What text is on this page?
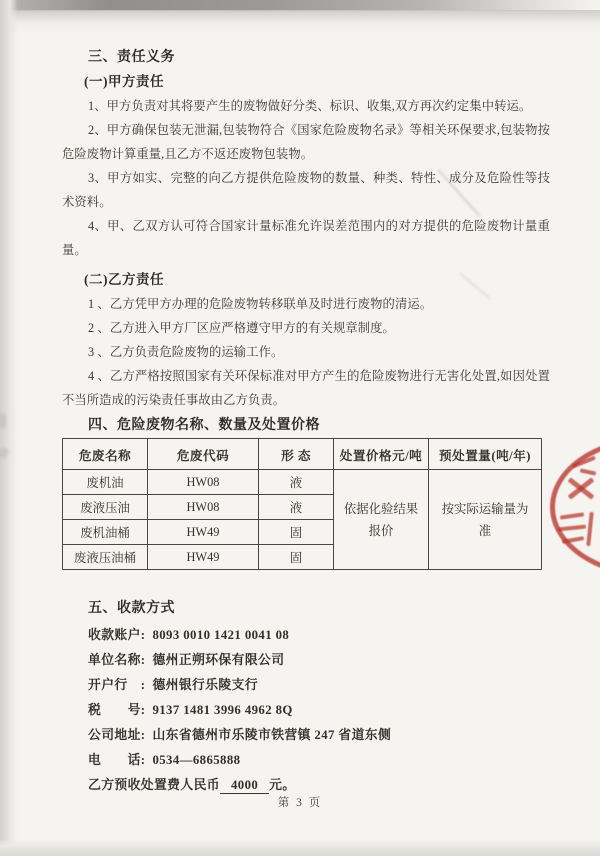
三、责任义务
(一)甲方责任

1、甲方负责对其将要产生的废物做好分类、标识、收集,双方再次约定集中转运。

2、甲方确保包装无泄漏,包装物符合《国家危险废物名录》等相关环保要求,包装物按危险废物计算重量,且乙方不返还废物包装物。

3、甲方如实、完整的向乙方提供危险废物的数量、种类、特性、成分及危险性等技术资料。

4、甲、乙双方认可符合国家计量标准允许误差范围内的对方提供的危险废物计量重量。

(二)乙方责任

1 、乙方凭甲方办理的危险废物转移联单及时进行废物的清运。

2 、乙方进入甲方厂区应严格遵守甲方的有关规章制度。

3 、乙方负责危险废物的运输工作。

4 、乙方严格按照国家有关环保标准对甲方产生的危险废物进行无害化处置,如因处置不当所造成的污染责任事故由乙方负责。

四、危险废物名称、数量及处置价格
危废名称	危废代码	形 态	处置价格元/吨	预处置量(吨/年)
废机油	HW08	液	依据化验结果报价	按实际运输量为准
废液压油	HW08	液		
废机油桶	HW49	固		
废液压油桶	HW49	固		
五、收款方式
收款账户: 8093 0010 1421 0041 08
单位名称: 德州正朔环保有限公司
开户行　: 德州银行乐陵支行
税　　号: 9137 1481 3996 4962 8Q
公司地址: 山东省德州市乐陵市铁营镇 247 省道东侧
电　　话: 0534—6865888
乙方预收处置费人民币 4000 元。
第 3 页
